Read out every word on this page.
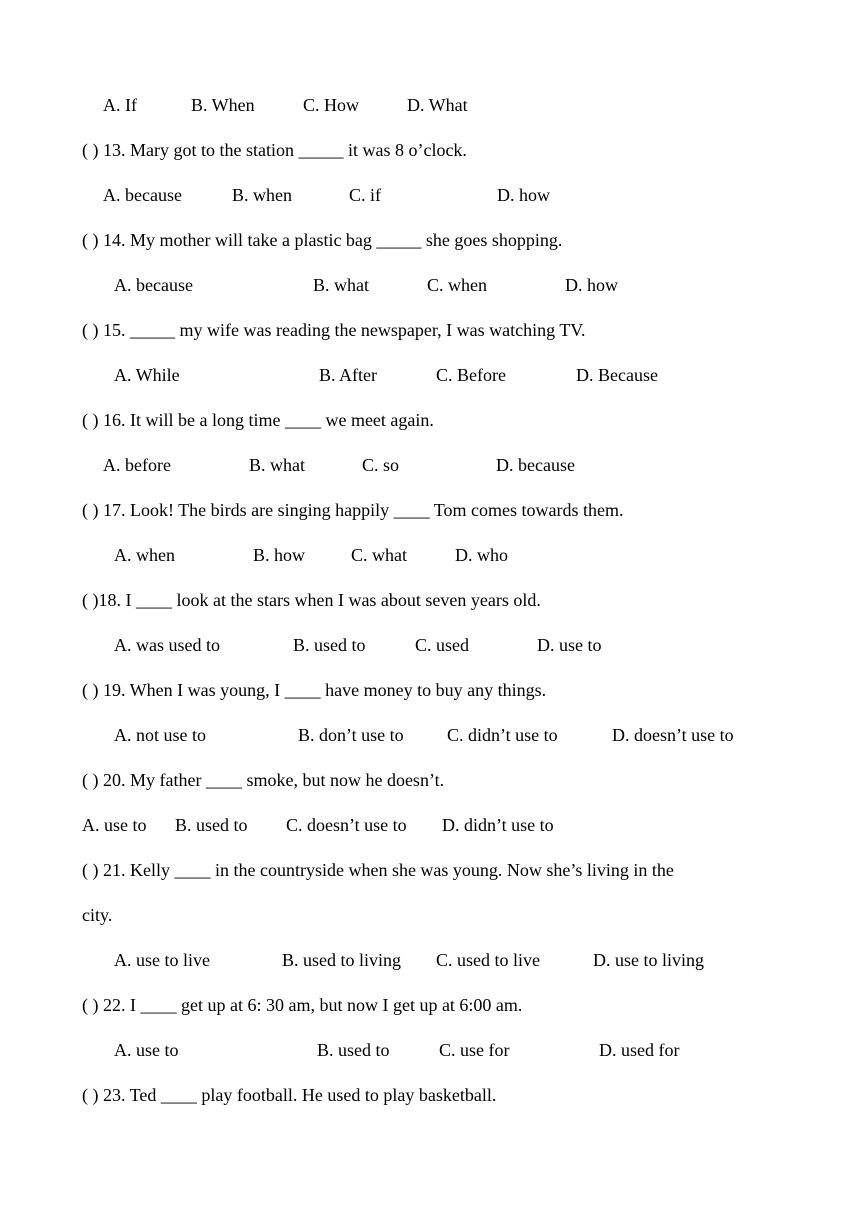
A. If	B. When	C. How	D. What
( ) 13. Mary got to the station _____ it was 8 o’clock.
A. because	B. when	C. if	D. how
( ) 14. My mother will take a plastic bag _____ she goes shopping.
A. because	B. what	C. when	D. how
( ) 15. _____ my wife was reading the newspaper, I was watching TV.
A. While	B. After	C. Before	D. Because
( ) 16. It will be a long time ____ we meet again.
A. before	B. what	C. so	D. because
( ) 17. Look! The birds are singing happily ____ Tom comes towards them.
A. when	B. how	C. what	D. who
( )18. I ____ look at the stars when I was about seven years old.
A. was used to	B. used to	C. used	D. use to
( ) 19. When I was young, I ____ have money to buy any things.
A. not use to	B. don’t use to C. didn’t use to	D. doesn’t use to
( ) 20. My father ____ smoke, but now he doesn’t.
A. use to B. used to C. doesn’t use to D. didn’t use to
( ) 21. Kelly ____ in the countryside when she was young. Now she’s living in the
city.
A. use to live	B. used to living C. used to live	D. use to living
( ) 22. I ____ get up at 6: 30 am, but now I get up at 6:00 am.
A. use to	B. used to	C. use for	D. used for
( ) 23. Ted ____ play football. He used to play basketball.
